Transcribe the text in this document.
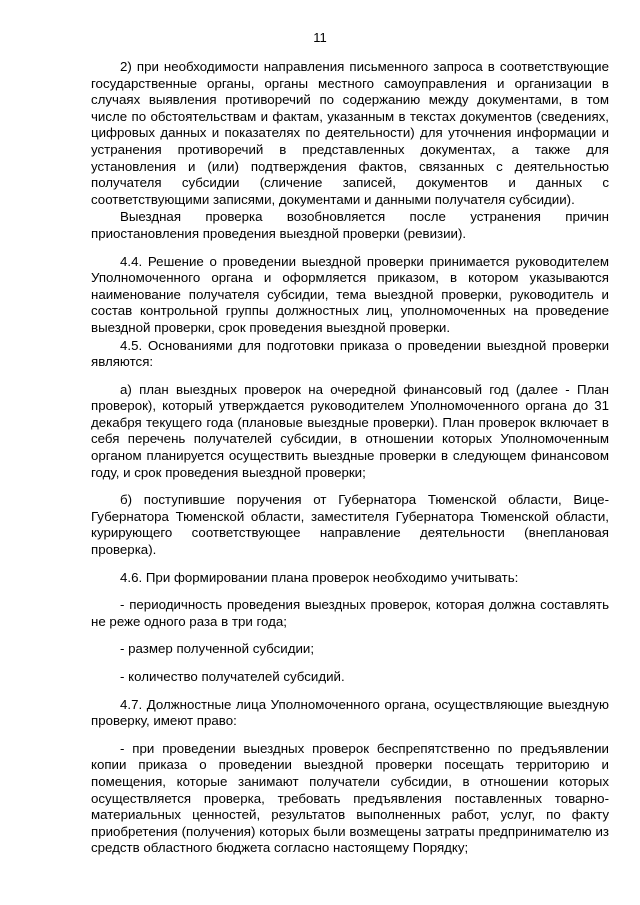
11

2) при необходимости направления письменного запроса в соответствующие государственные органы, органы местного самоуправления и организации в случаях выявления противоречий по содержанию между документами, в том числе по обстоятельствам и фактам, указанным в текстах документов (сведениях, цифровых данных и показателях по деятельности) для уточнения информации и устранения противоречий в представленных документах, а также для установления и (или) подтверждения фактов, связанных с деятельностью получателя субсидии (сличение записей, документов и данных с соответствующими записями, документами и данными получателя субсидии).

Выездная проверка возобновляется после устранения причин приостановления проведения выездной проверки (ревизии).

4.4. Решение о проведении выездной проверки принимается руководителем Уполномоченного органа и оформляется приказом, в котором указываются наименование получателя субсидии, тема выездной проверки, руководитель и состав контрольной группы должностных лиц, уполномоченных на проведение выездной проверки, срок проведения выездной проверки.

4.5. Основаниями для подготовки приказа о проведении выездной проверки являются:

а) план выездных проверок на очередной финансовый год (далее - План проверок), который утверждается руководителем Уполномоченного органа до 31 декабря текущего года (плановые выездные проверки). План проверок включает в себя перечень получателей субсидии, в отношении которых Уполномоченным органом планируется осуществить выездные проверки в следующем финансовом году, и срок проведения выездной проверки;

б) поступившие поручения от Губернатора Тюменской области, Вице-Губернатора Тюменской области, заместителя Губернатора Тюменской области, курирующего соответствующее направление деятельности (внеплановая проверка).

4.6. При формировании плана проверок необходимо учитывать:

- периодичность проведения выездных проверок, которая должна составлять не реже одного раза в три года;

- размер полученной субсидии;

- количество получателей субсидий.

4.7. Должностные лица Уполномоченного органа, осуществляющие выездную проверку, имеют право:

- при проведении выездных проверок беспрепятственно по предъявлении копии приказа о проведении выездной проверки посещать территорию и помещения, которые занимают получатели субсидии, в отношении которых осуществляется проверка, требовать предъявления поставленных товарно-материальных ценностей, результатов выполненных работ, услуг, по факту приобретения (получения) которых были возмещены затраты предпринимателю из средств областного бюджета согласно настоящему Порядку;
